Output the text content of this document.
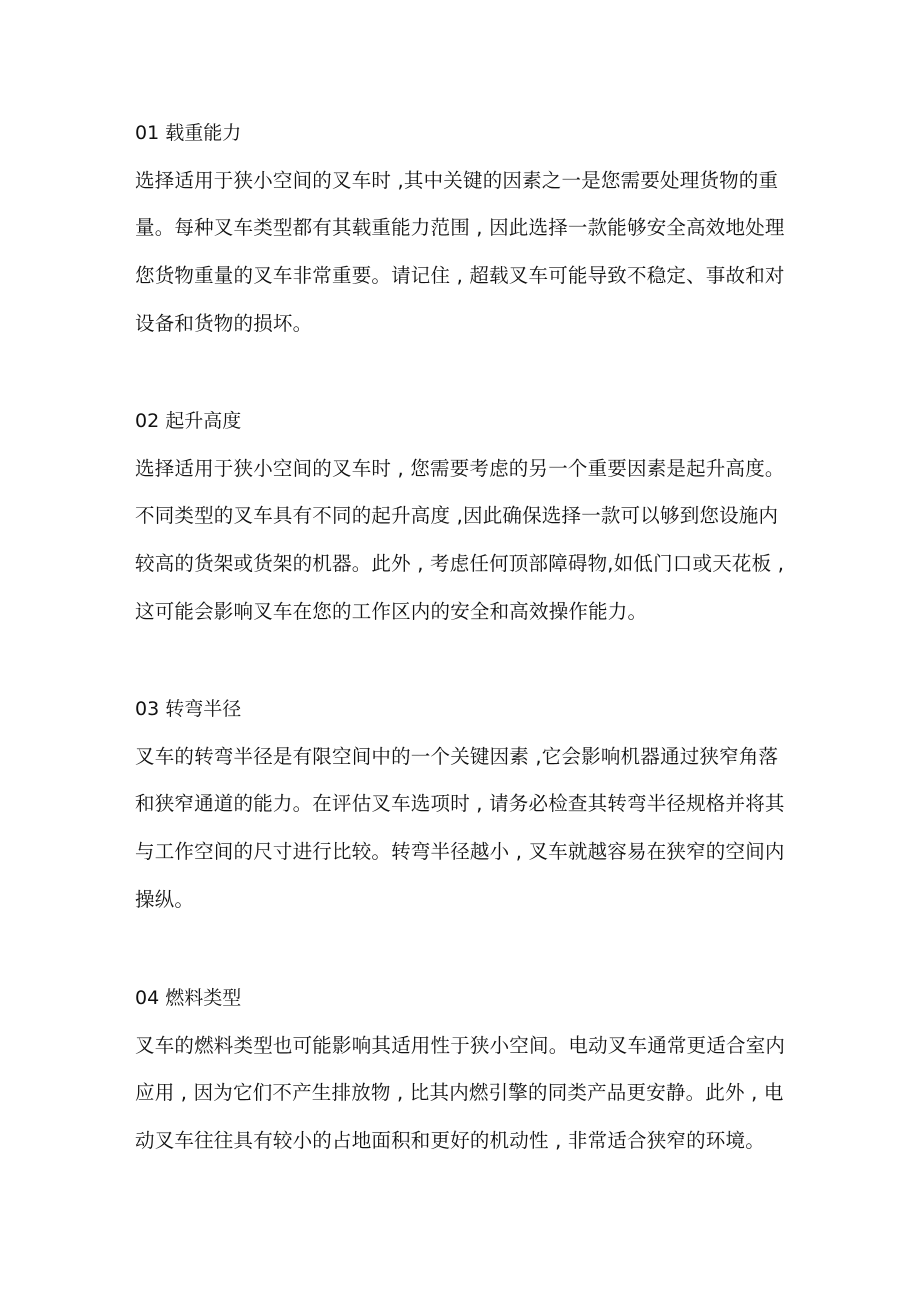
01 载重能力
选择适用于狭小空间的叉车时 ,其中关键的因素之一是您需要处理货物的重
量。每种叉车类型都有其载重能力范围 , 因此选择一款能够安全高效地处理
您货物重量的叉车非常重要。请记住 , 超载叉车可能导致不稳定、事故和对
设备和货物的损坏。
02 起升高度
选择适用于狭小空间的叉车时 , 您需要考虑的另一个重要因素是起升高度。
不同类型的叉车具有不同的起升高度 ,因此确保选择一款可以够到您设施内
较高的货架或货架的机器。此外 , 考虑任何顶部障碍物,如低门口或天花板 ,
这可能会影响叉车在您的工作区内的安全和高效操作能力。
03 转弯半径
叉车的转弯半径是有限空间中的一个关键因素 ,它会影响机器通过狭窄角落
和狭窄通道的能力。在评估叉车选项时 , 请务必检查其转弯半径规格并将其
与工作空间的尺寸进行比较。转弯半径越小 , 叉车就越容易在狭窄的空间内
操纵。
04 燃料类型
叉车的燃料类型也可能影响其适用性于狭小空间。电动叉车通常更适合室内
应用 , 因为它们不产生排放物 , 比其内燃引擎的同类产品更安静。此外 , 电
动叉车往往具有较小的占地面积和更好的机动性 , 非常适合狭窄的环境。
